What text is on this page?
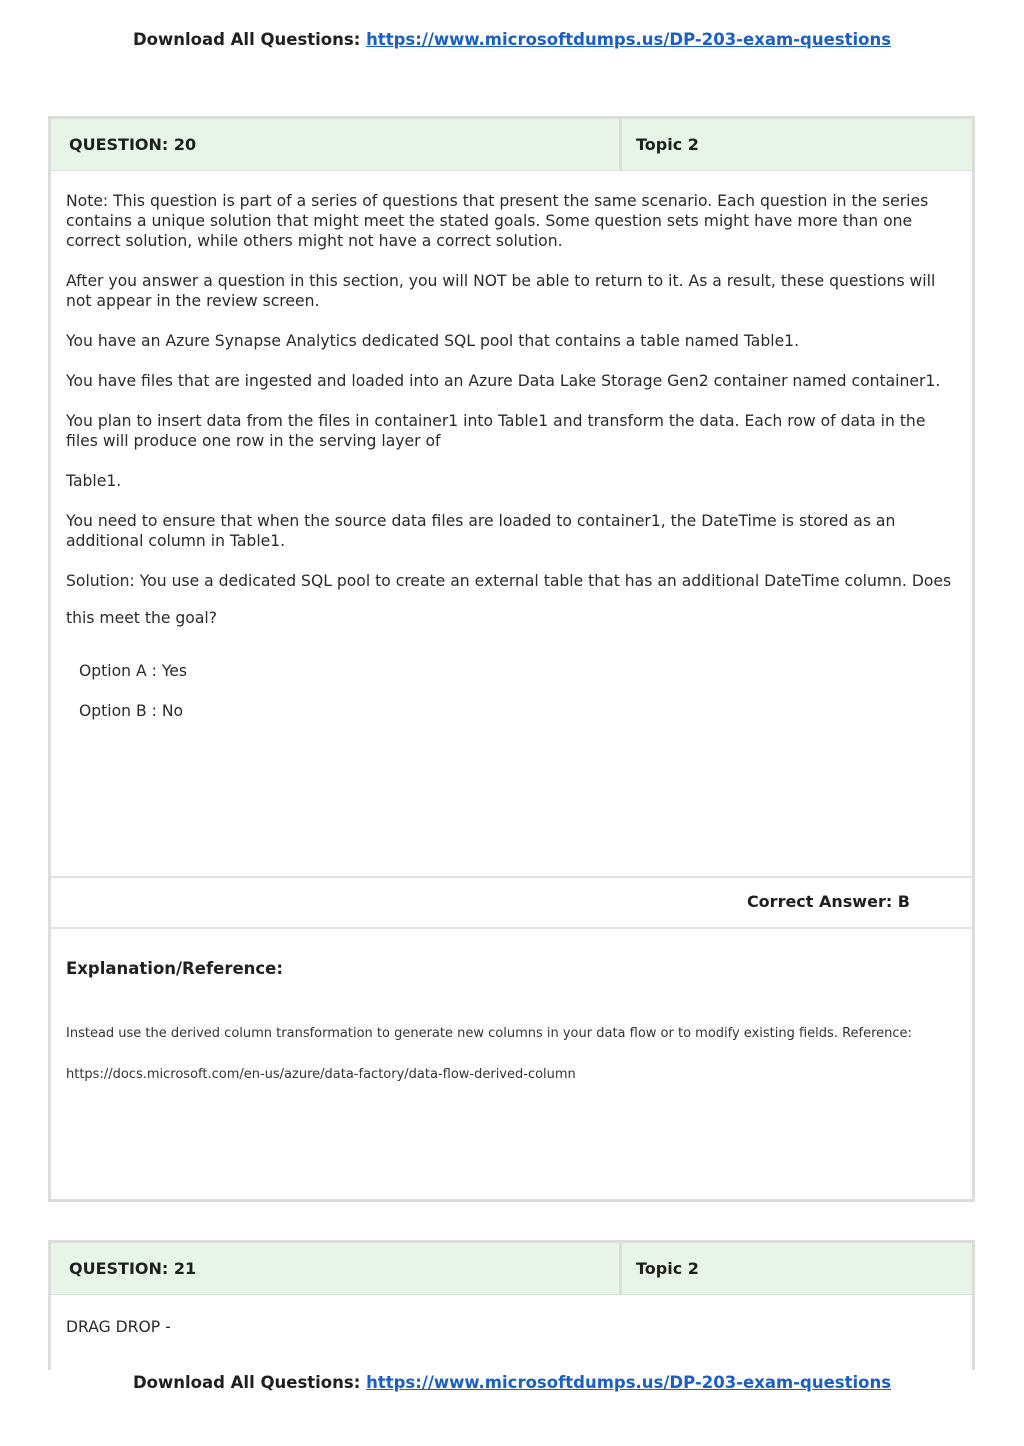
Download All Questions: https://www.microsoftdumps.us/DP-203-exam-questions
QUESTION: 20	Topic 2

Note: This question is part of a series of questions that present the same scenario. Each question in the series contains a unique solution that might meet the stated goals. Some question sets might have more than one correct solution, while others might not have a correct solution.

After you answer a question in this section, you will NOT be able to return to it. As a result, these questions will not appear in the review screen.

You have an Azure Synapse Analytics dedicated SQL pool that contains a table named Table1.

You have files that are ingested and loaded into an Azure Data Lake Storage Gen2 container named container1.

You plan to insert data from the files in container1 into Table1 and transform the data. Each row of data in the files will produce one row in the serving layer of

Table1.

You need to ensure that when the source data files are loaded to container1, the DateTime is stored as an additional column in Table1.

Solution: You use a dedicated SQL pool to create an external table that has an additional DateTime column. Does this meet the goal?

Option A : Yes
Option B : No
Correct Answer: B
Explanation/Reference:

Instead use the derived column transformation to generate new columns in your data flow or to modify existing fields. Reference:

https://docs.microsoft.com/en-us/azure/data-factory/data-flow-derived-column

QUESTION: 21	Topic 2

DRAG DROP -

Download All Questions: https://www.microsoftdumps.us/DP-203-exam-questions
